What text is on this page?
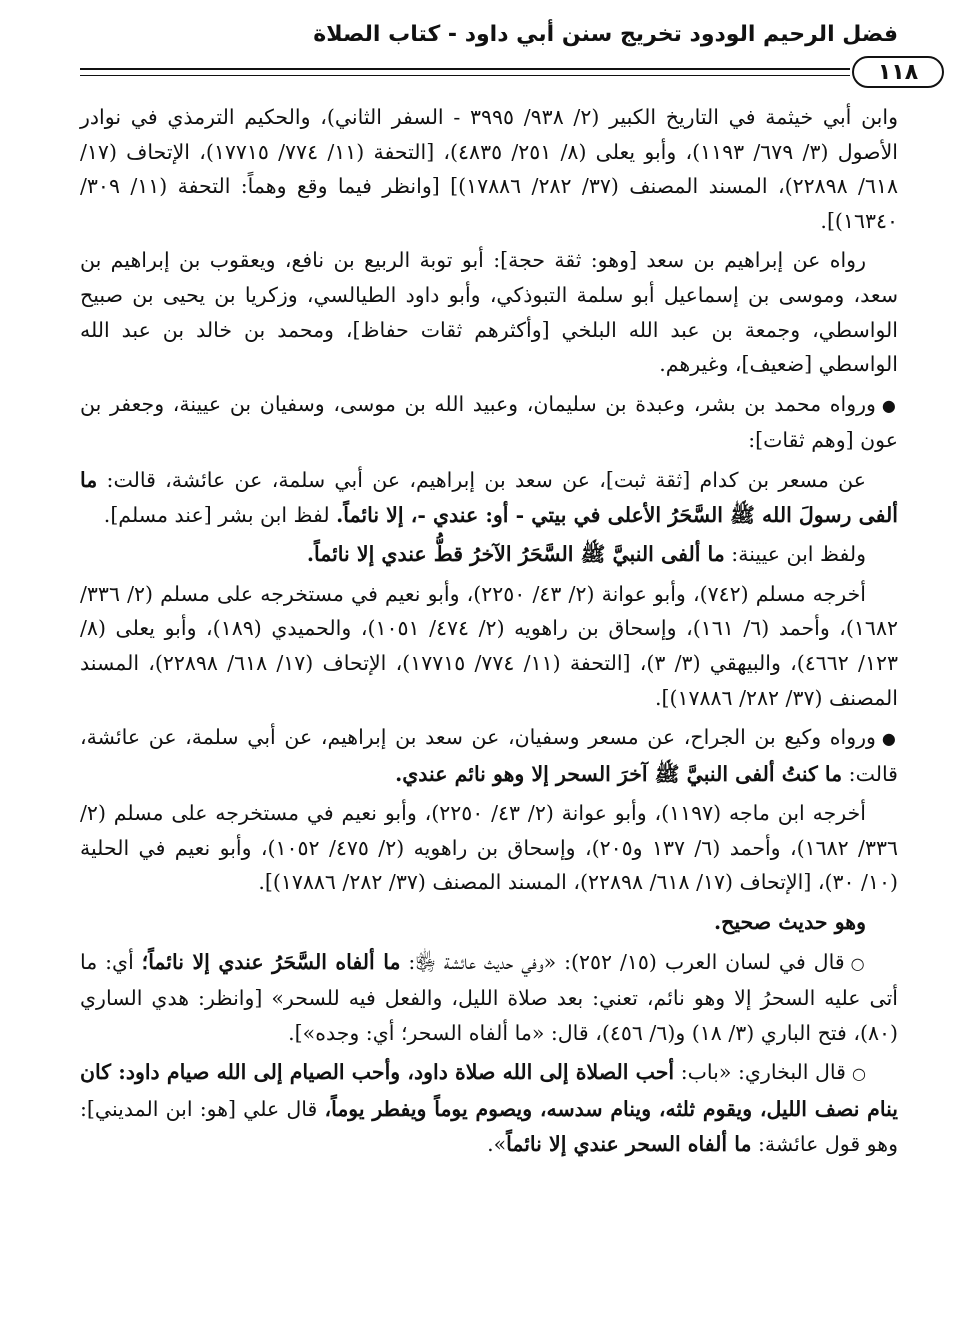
فضل الرحيم الودود تخريج سنن أبي داود - كتاب الصلاة
١١٨

وابن أبي خيثمة في التاريخ الكبير (٢/ ٩٣٨/ ٣٩٩٥ - السفر الثاني)، والحكيم الترمذي في نوادر الأصول (٣/ ٦٧٩/ ١١٩٣)، وأبو يعلى (٨/ ٢٥١/ ٤٨٣٥)، [التحفة (١١/ ٧٧٤/ ١٧٧١٥)، الإتحاف (١٧/ ٦١٨/ ٢٢٨٩٨)، المسند المصنف (٣٧/ ٢٨٢/ ١٧٨٨٦)] [وانظر فيما وقع وهماً: التحفة (١١/ ٣٠٩/ ١٦٣٤٠)].

رواه عن إبراهيم بن سعد [وهو: ثقة حجة]: أبو توبة الربيع بن نافع، ويعقوب بن إبراهيم بن سعد، وموسى بن إسماعيل أبو سلمة التبوذكي، وأبو داود الطيالسي، وزكريا بن يحيى بن صبيح الواسطي، وجمعة بن عبد الله البلخي [وأكثرهم ثقات حفاظ]، ومحمد بن خالد بن عبد الله الواسطي [ضعيف]، وغيرهم.

●ورواه محمد بن بشر، وعبدة بن سليمان، وعبيد الله بن موسى، وسفيان بن عيينة، وجعفر بن عون [وهم ثقات]:

عن مسعر بن كدام [ثقة ثبت]، عن سعد بن إبراهيم، عن أبي سلمة، عن عائشة، قالت: ما ألفى رسولَ الله ﷺ السَّحَرُ الأعلى في بيتي - أو: عندي -، إلا نائماً. لفظ ابن بشر [عند مسلم].

ولفظ ابن عيينة: ما ألفى النبيَّ ﷺ السَّحَرُ الآخرُ قطُّ عندي إلا نائماً.

أخرجه مسلم (٧٤٢)، وأبو عوانة (٢/ ٤٣/ ٢٢٥٠)، وأبو نعيم في مستخرجه على مسلم (٢/ ٣٣٦/ ١٦٨٢)، وأحمد (٦/ ١٦١)، وإسحاق بن راهويه (٢/ ٤٧٤/ ١٠٥١)، والحميدي (١٨٩)، وأبو يعلى (٨/ ١٢٣/ ٤٦٦٢)، والبيهقي (٣/ ٣)، [التحفة (١١/ ٧٧٤/ ١٧٧١٥)، الإتحاف (١٧/ ٦١٨/ ٢٢٨٩٨)، المسند المصنف (٣٧/ ٢٨٢/ ١٧٨٨٦)].

●ورواه وكيع بن الجراح، عن مسعر وسفيان، عن سعد بن إبراهيم، عن أبي سلمة، عن عائشة، قالت: ما كنتُ ألفى النبيَّ ﷺ آخرَ السحر إلا وهو نائم عندي.

أخرجه ابن ماجه (١١٩٧)، وأبو عوانة (٢/ ٤٣/ ٢٢٥٠)، وأبو نعيم في مستخرجه على مسلم (٢/ ٣٣٦/ ١٦٨٢)، وأحمد (٦/ ١٣٧ و٢٠٥)، وإسحاق بن راهويه (٢/ ٤٧٥/ ١٠٥٢)، وأبو نعيم في الحلية (١٠/ ٣٠)، [الإتحاف (١٧/ ٦١٨/ ٢٢٨٩٨)، المسند المصنف (٣٧/ ٢٨٢/ ١٧٨٨٦)].

وهو حديث صحيح.

○قال في لسان العرب (١٥/ ٢٥٢): «وفي حديث عائشة ﵂: ما ألفاه السَّحَرُ عندي إلا نائماً؛ أي: ما أتى عليه السحرُ إلا وهو نائم، تعني: بعد صلاة الليل، والفعل فيه للسحر» [وانظر: هدي الساري (٨٠)، فتح الباري (٣/ ١٨) و(٦/ ٤٥٦)، قال: «ما ألفاه السحر؛ أي: وجده»].

○قال البخاري: «باب: أحب الصلاة إلى الله صلاة داود، وأحب الصيام إلى الله صيام داود: كان ينام نصف الليل، ويقوم ثلثه، وينام سدسه، ويصوم يوماً ويفطر يوماً، قال علي [هو: ابن المديني]: وهو قول عائشة: ما ألفاه السحر عندي إلا نائماً».
